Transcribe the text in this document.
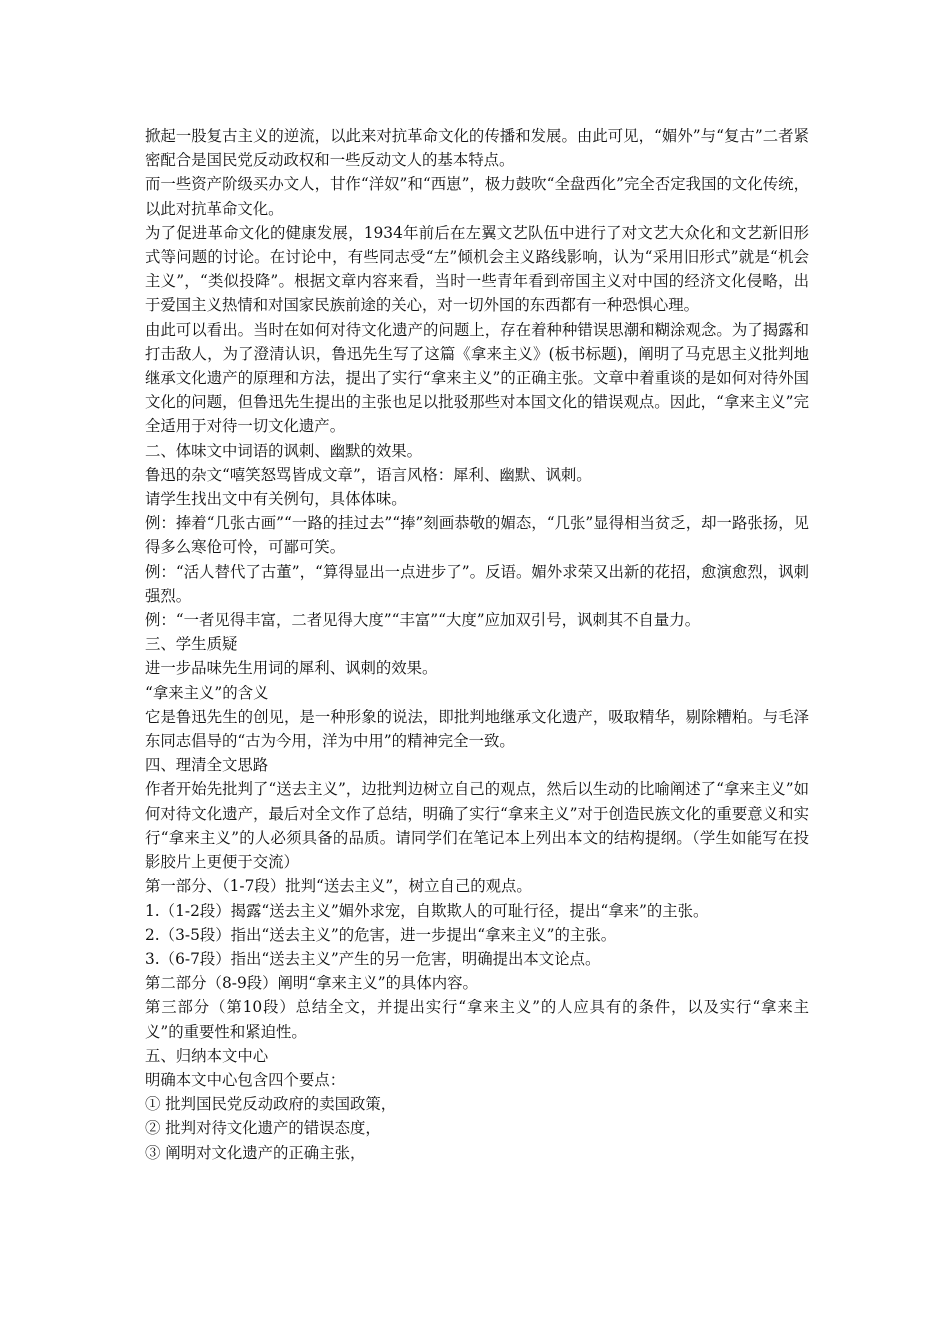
掀起一股复古主义的逆流，以此来对抗革命文化的传播和发展。由此可见，“媚外”与“复古”二者紧密配合是国民党反动政权和一些反动文人的基本特点。

而一些资产阶级买办文人，甘作“洋奴”和“西崽”，极力鼓吹“全盘西化”完全否定我国的文化传统，以此对抗革命文化。

为了促进革命文化的健康发展，1934年前后在左翼文艺队伍中进行了对文艺大众化和文艺新旧形式等问题的讨论。在讨论中，有些同志受“左”倾机会主义路线影响，认为“采用旧形式”就是“机会主义”，“类似投降”。根据文章内容来看，当时一些青年看到帝国主义对中国的经济文化侵略，出于爱国主义热情和对国家民族前途的关心，对一切外国的东西都有一种恐惧心理。

由此可以看出。当时在如何对待文化遗产的问题上，存在着种种错误思潮和糊涂观念。为了揭露和打击敌人，为了澄清认识，鲁迅先生写了这篇《拿来主义》(板书标题)，阐明了马克思主义批判地继承文化遗产的原理和方法，提出了实行“拿来主义”的正确主张。文章中着重谈的是如何对待外国文化的问题，但鲁迅先生提出的主张也足以批驳那些对本国文化的错误观点。因此，“拿来主义”完全适用于对待一切文化遗产。

二、体味文中词语的讽刺、幽默的效果。

鲁迅的杂文“嘻笑怒骂皆成文章”，语言风格：犀利、幽默、讽刺。

请学生找出文中有关例句，具体体味。

例：捧着“几张古画”“一路的挂过去”“捧”刻画恭敬的媚态，“几张”显得相当贫乏，却一路张扬，见得多么寒伧可怜，可鄙可笑。

例：“活人替代了古董”，“算得显出一点进步了”。反语。媚外求荣又出新的花招，愈演愈烈，讽刺强烈。

例：“一者见得丰富，二者见得大度”“丰富”“大度”应加双引号，讽刺其不自量力。

三、学生质疑

进一步品味先生用词的犀利、讽刺的效果。

“拿来主义”的含义

它是鲁迅先生的创见，是一种形象的说法，即批判地继承文化遗产，吸取精华，剔除糟粕。与毛泽东同志倡导的“古为今用，洋为中用”的精神完全一致。

四、理清全文思路

作者开始先批判了“送去主义”，边批判边树立自己的观点，然后以生动的比喻阐述了“拿来主义”如何对待文化遗产，最后对全文作了总结，明确了实行“拿来主义”对于创造民族文化的重要意义和实行“拿来主义”的人必须具备的品质。请同学们在笔记本上列出本文的结构提纲。（学生如能写在投影胶片上更便于交流）

第一部分、（1-7段）批判“送去主义”，树立自己的观点。

1.（1-2段）揭露“送去主义”媚外求宠，自欺欺人的可耻行径，提出“拿来”的主张。

2.（3-5段）指出“送去主义”的危害，进一步提出“拿来主义”的主张。

3.（6-7段）指出“送去主义”产生的另一危害，明确提出本文论点。

第二部分（8-9段）阐明“拿来主义”的具体内容。

第三部分（第10段）总结全文，并提出实行“拿来主义”的人应具有的条件，以及实行“拿来主义”的重要性和紧迫性。

五、归纳本文中心

明确本文中心包含四个要点：

① 批判国民党反动政府的卖国政策，

② 批判对待文化遗产的错误态度，

③ 阐明对文化遗产的正确主张，
